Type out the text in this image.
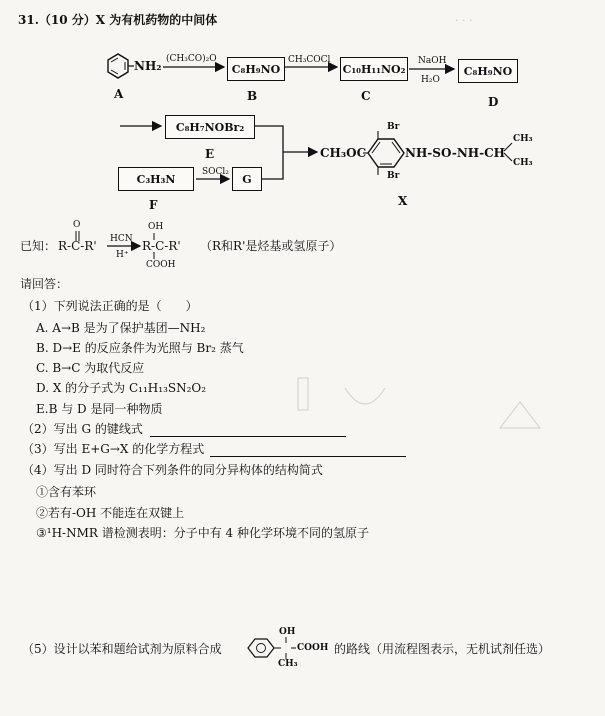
· · ·
31.（10 分）X 为有机药物的中间体
NH₂
A
(CH₃CO)₂O
C₈H₉NO
B
CH₃COCl
C₁₀H₁₁NO₂
C
NaOH
H₂O
C₈H₉NO
D
C₈H₇NOBr₂
E
C₃H₃N
F
SOCl₂
G
CH₃OC
Br
Br
NH-SO-NH-CH
CH₃
CH₃
X
已知：
O
R-C-R' HCN
H⁺
OH
R-C-R'
COOH
（R和R'是烃基或氢原子）
请回答：
（1）下列说法正确的是（　　）
A. A→B 是为了保护基团—NH₂
B. D→E 的反应条件为光照与 Br₂ 蒸气
C. B→C 为取代反应
D. X 的分子式为 C₁₁H₁₃SN₂O₂
E.B 与 D 是同一种物质
（2）写出 G 的键线式
（3）写出 E+G→X 的化学方程式
（4）写出 D 同时符合下列条件的同分异构体的结构简式
①含有苯环
②若有-OH 不能连在双键上
③¹H-NMR 谱检测表明：分子中有 4 种化学环境不同的氢原子
（5）设计以苯和题给试剂为原料合成
OH
COOH
CH₃
的路线（用流程图表示，无机试剂任选）
